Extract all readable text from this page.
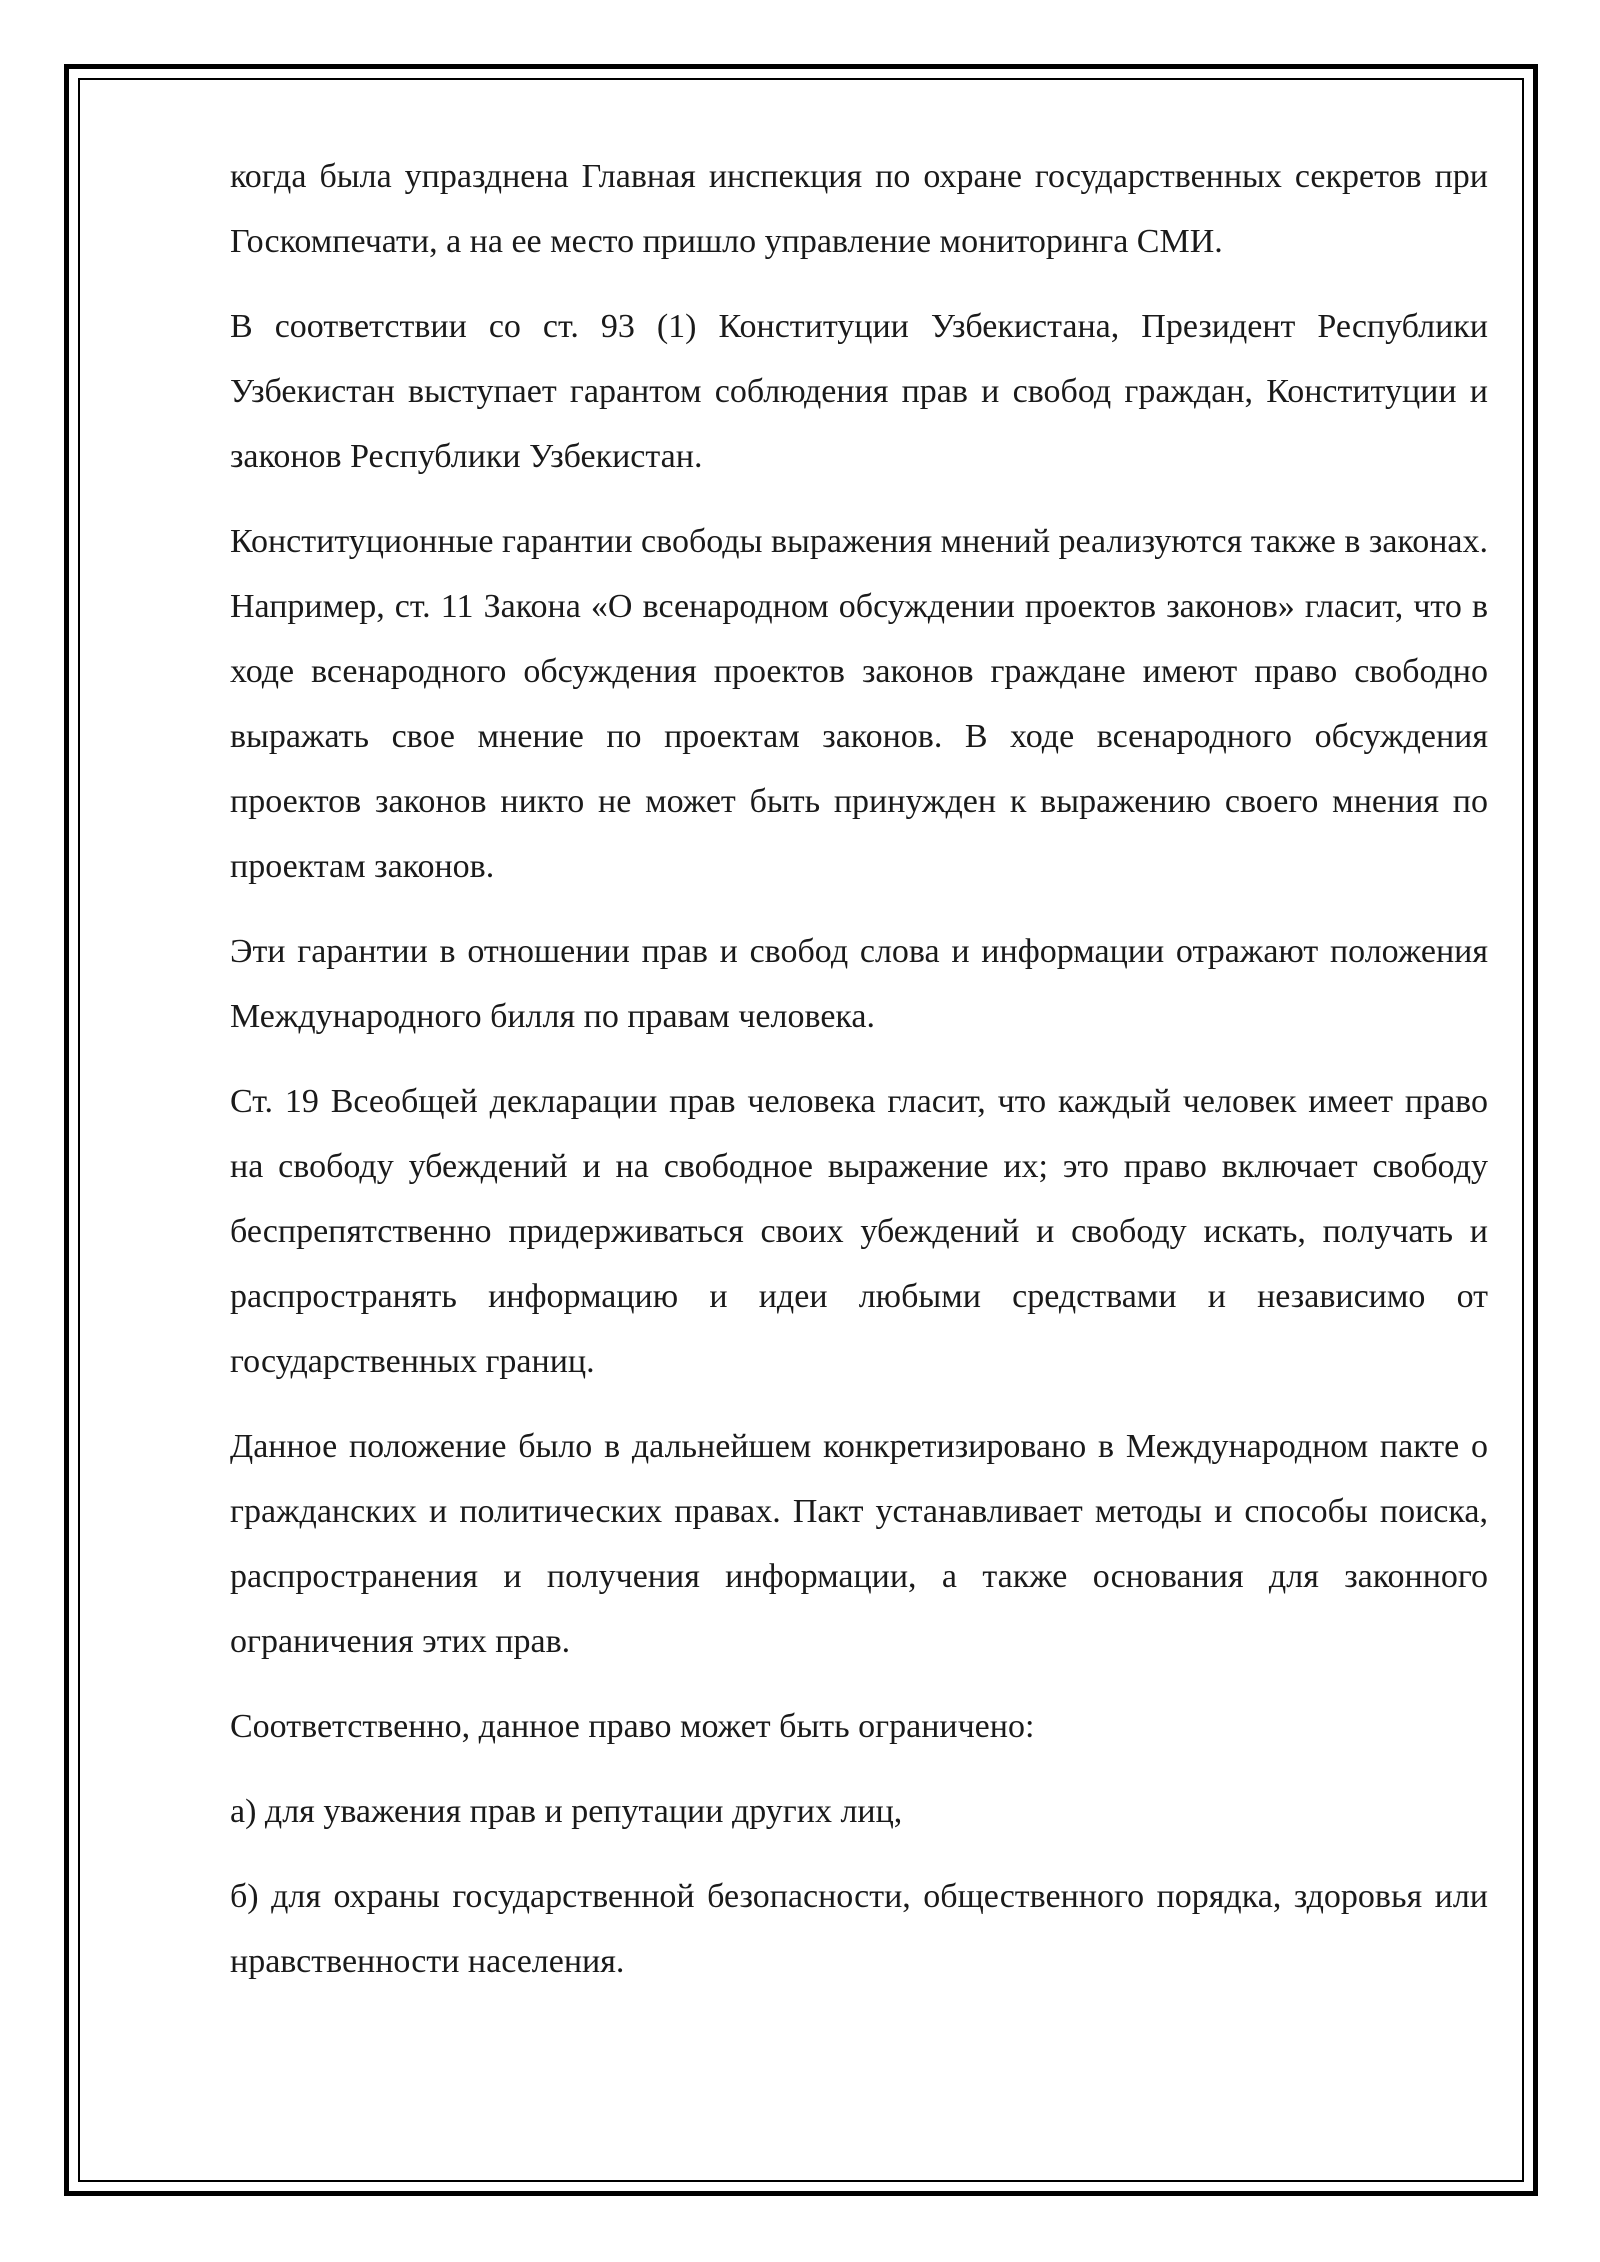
когда была упразднена Главная инспекция по охране государственных секретов при Госкомпечати, а на ее место пришло управление мониторинга СМИ.

В соответствии со ст. 93 (1) Конституции Узбекистана, Президент Республики Узбекистан выступает гарантом соблюдения прав и свобод граждан, Конституции и законов Республики Узбекистан.

Конституционные гарантии свободы выражения мнений реализуются также в законах. Например, ст. 11 Закона «О всенародном обсуждении проектов законов» гласит, что в ходе всенародного обсуждения проектов законов граждане имеют право свободно выражать свое мнение по проектам законов. В ходе всенародного обсуждения проектов законов никто не может быть принужден к выражению своего мнения по проектам законов.

Эти гарантии в отношении прав и свобод слова и информации отражают положения Международного билля по правам человека.

Ст. 19 Всеобщей декларации прав человека гласит, что каждый человек имеет право на свободу убеждений и на свободное выражение их; это право включает свободу беспрепятственно придерживаться своих убеждений и свободу искать, получать и распространять информацию и идеи любыми средствами и независимо от государственных границ.

Данное положение было в дальнейшем конкретизировано в Международном пакте о гражданских и политических правах. Пакт устанавливает методы и способы поиска, распространения и получения информации, а также основания для законного ограничения этих прав.

Соответственно, данное право может быть ограничено:

а) для уважения прав и репутации других лиц,

б) для охраны государственной безопасности, общественного порядка, здоровья или нравственности населения.
